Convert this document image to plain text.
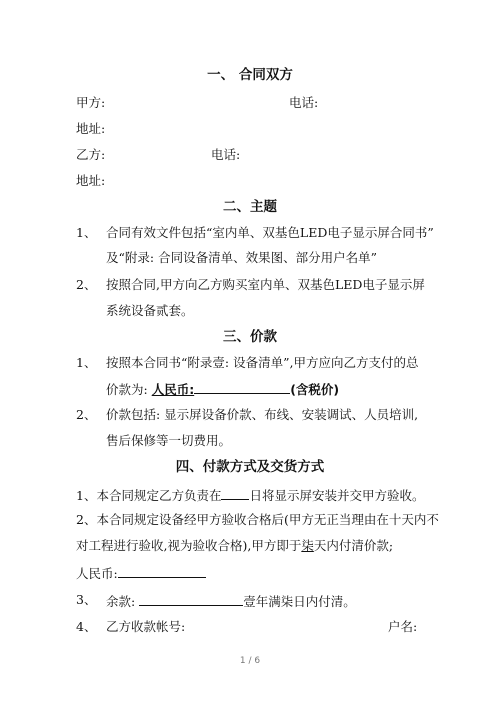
一、 合同双方
甲方:	电话:
地址:
乙方:	电话:
地址:
二、主题
1、 合同有效文件包括“室内单、双基色LED电子显示屏合同书”
及“附录: 合同设备清单、效果图、部分用户名单”
2、 按照合同,甲方向乙方购买室内单、双基色LED电子显示屏
系统设备贰套。
三、价款
1、 按照本合同书“附录壹: 设备清单”,甲方应向乙方支付的总
价款为: 人民币:	(含税价)
2、 价款包括: 显示屏设备价款、布线、安装调试、人员培训,
售后保修等一切费用。
四、付款方式及交货方式
1、本合同规定乙方负责在 日将显示屏安装并交甲方验收。
2、本合同规定设备经甲方验收合格后(甲方无正当理由在十天内不
对工程进行验收,视为验收合格),甲方即于柒天内付清价款;
人民币:
3、 余款:	壹年满柒日内付清。
4、 乙方收款帐号:	户名:
1 / 6
